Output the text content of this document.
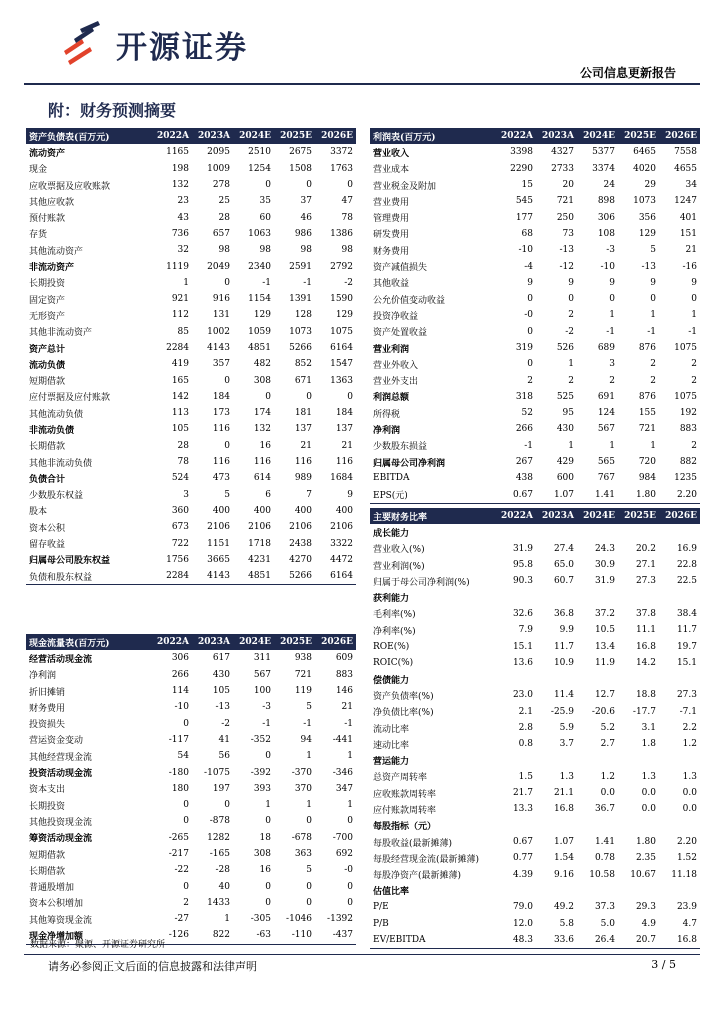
开源证券
公司信息更新报告
附：财务预测摘要
资产负债表(百万元)	2022A	2023A	2024E	2025E	2026E
流动资产	1165	2095	2510	2675	3372
现金	198	1009	1254	1508	1763
应收票据及应收账款	132	278	0	0	0
其他应收款	23	25	35	37	47
预付账款	43	28	60	46	78
存货	736	657	1063	986	1386
其他流动资产	32	98	98	98	98
非流动资产	1119	2049	2340	2591	2792
长期投资	1	0	-1	-1	-2
固定资产	921	916	1154	1391	1590
无形资产	112	131	129	128	129
其他非流动资产	85	1002	1059	1073	1075
资产总计	2284	4143	4851	5266	6164
流动负债	419	357	482	852	1547
短期借款	165	0	308	671	1363
应付票据及应付账款	142	184	0	0	0
其他流动负债	113	173	174	181	184
非流动负债	105	116	132	137	137
长期借款	28	0	16	21	21
其他非流动负债	78	116	116	116	116
负债合计	524	473	614	989	1684
少数股东权益	3	5	6	7	9
股本	360	400	400	400	400
资本公积	673	2106	2106	2106	2106
留存收益	722	1151	1718	2438	3322
归属母公司股东权益	1756	3665	4231	4270	4472
负债和股东权益	2284	4143	4851	5266	6164
利润表(百万元)	2022A	2023A	2024E	2025E	2026E
营业收入	3398	4327	5377	6465	7558
营业成本	2290	2733	3374	4020	4655
营业税金及附加	15	20	24	29	34
营业费用	545	721	898	1073	1247
管理费用	177	250	306	356	401
研发费用	68	73	108	129	151
财务费用	-10	-13	-3	5	21
资产减值损失	-4	-12	-10	-13	-16
其他收益	9	9	9	9	9
公允价值变动收益	0	0	0	0	0
投资净收益	-0	2	1	1	1
资产处置收益	0	-2	-1	-1	-1
营业利润	319	526	689	876	1075
营业外收入	0	1	3	2	2
营业外支出	2	2	2	2	2
利润总额	318	525	691	876	1075
所得税	52	95	124	155	192
净利润	266	430	567	721	883
少数股东损益	-1	1	1	1	2
归属母公司净利润	267	429	565	720	882
EBITDA	438	600	767	984	1235
EPS(元)	0.67	1.07	1.41	1.80	2.20
主要财务比率	2022A	2023A	2024E	2025E	2026E
成长能力					
营业收入(%)	31.9	27.4	24.3	20.2	16.9
营业利润(%)	95.8	65.0	30.9	27.1	22.8
归属于母公司净利润(%)	90.3	60.7	31.9	27.3	22.5
获利能力					
毛利率(%)	32.6	36.8	37.2	37.8	38.4
净利率(%)	7.9	9.9	10.5	11.1	11.7
ROE(%)	15.1	11.7	13.4	16.8	19.7
ROIC(%)	13.6	10.9	11.9	14.2	15.1
偿债能力					
资产负债率(%)	23.0	11.4	12.7	18.8	27.3
净负债比率(%)	2.1	-25.9	-20.6	-17.7	-7.1
流动比率	2.8	5.9	5.2	3.1	2.2
速动比率	0.8	3.7	2.7	1.8	1.2
营运能力					
总资产周转率	1.5	1.3	1.2	1.3	1.3
应收账款周转率	21.7	21.1	0.0	0.0	0.0
应付账款周转率	13.3	16.8	36.7	0.0	0.0
每股指标（元）					
每股收益(最新摊薄)	0.67	1.07	1.41	1.80	2.20
每股经营现金流(最新摊薄)	0.77	1.54	0.78	2.35	1.52
每股净资产(最新摊薄)	4.39	9.16	10.58	10.67	11.18
估值比率					
P/E	79.0	49.2	37.3	29.3	23.9
P/B	12.0	5.8	5.0	4.9	4.7
EV/EBITDA	48.3	33.6	26.4	20.7	16.8
现金流量表(百万元)	2022A	2023A	2024E	2025E	2026E
经营活动现金流	306	617	311	938	609
净利润	266	430	567	721	883
折旧摊销	114	105	100	119	146
财务费用	-10	-13	-3	5	21
投资损失	0	-2	-1	-1	-1
营运资金变动	-117	41	-352	94	-441
其他经营现金流	54	56	0	1	1
投资活动现金流	-180	-1075	-392	-370	-346
资本支出	180	197	393	370	347
长期投资	0	0	1	1	1
其他投资现金流	0	-878	0	0	0
筹资活动现金流	-265	1282	18	-678	-700
短期借款	-217	-165	308	363	692
长期借款	-22	-28	16	5	-0
普通股增加	0	40	0	0	0
资本公积增加	2	1433	0	0	0
其他筹资现金流	-27	1	-305	-1046	-1392
现金净增加额	-126	822	-63	-110	-437
数据来源：聚源、开源证券研究所
请务必参阅正文后面的信息披露和法律声明	3 / 5
